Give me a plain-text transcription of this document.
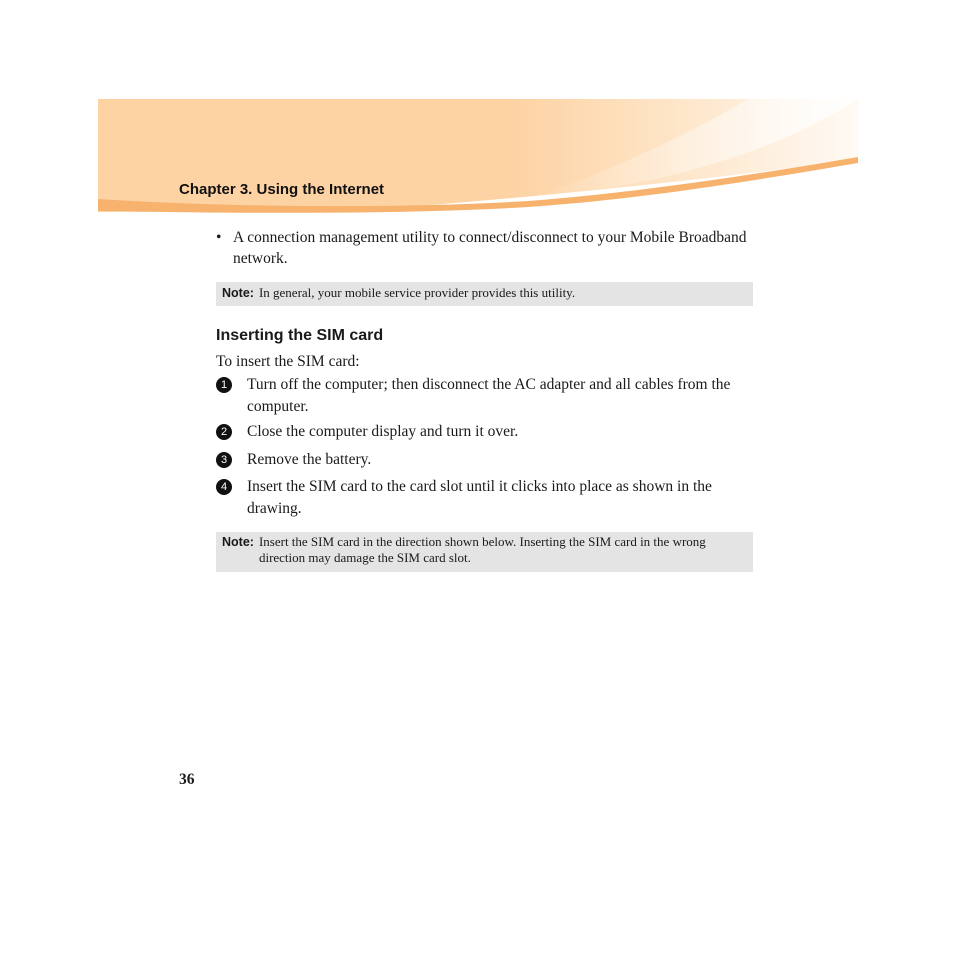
Chapter 3. Using the Internet
• A connection management utility to connect/disconnect to your Mobile Broadband network.
Note: In general, your mobile service provider provides this utility.
Inserting the SIM card
To insert the SIM card:
1	Turn off the computer; then disconnect the AC adapter and all cables from the computer.
2	Close the computer display and turn it over.
3	Remove the battery.
4	Insert the SIM card to the card slot until it clicks into place as shown in the drawing.
Note: Insert the SIM card in the direction shown below. Inserting the SIM card in the wrong direction may damage the SIM card slot.
36
